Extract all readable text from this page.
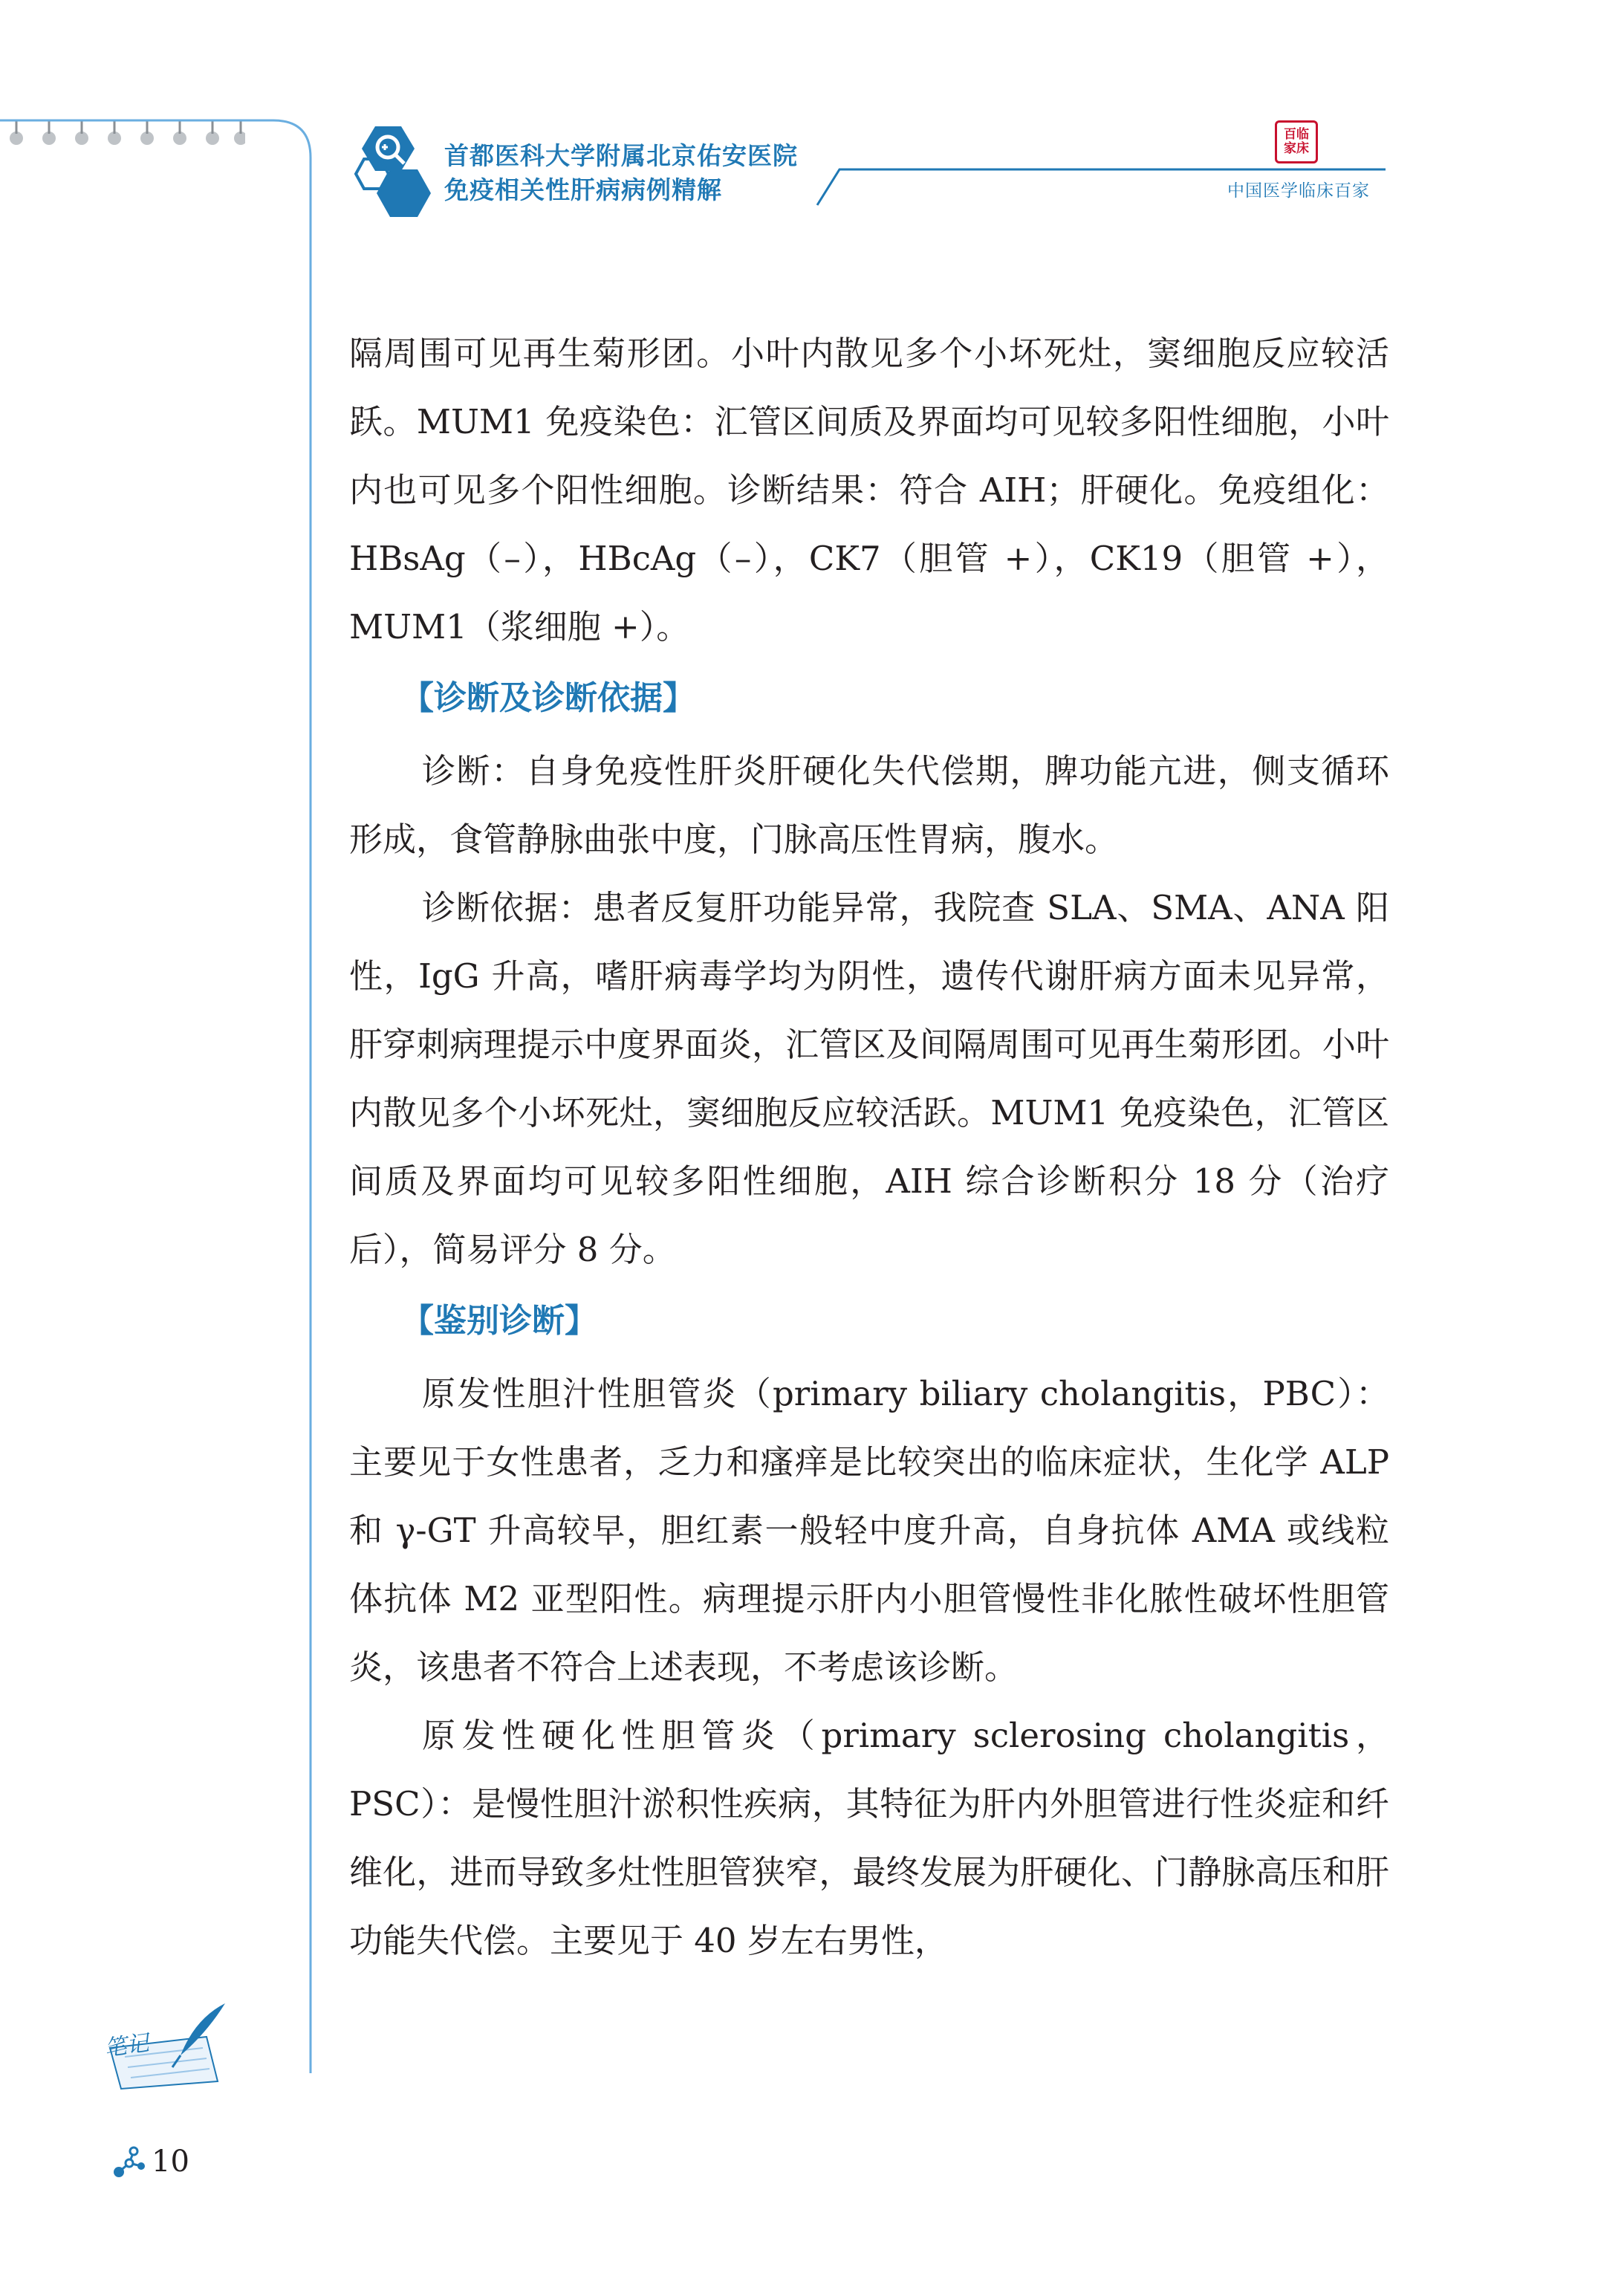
首都医科大学附属北京佑安医院
免疫相关性肝病病例精解
百临家床
中国医学临床百家

隔周围可见再生菊形团。小叶内散见多个小坏死灶，窦细胞反应较活跃。MUM1 免疫染色：汇管区间质及界面均可见较多阳性细胞，小叶内也可见多个阳性细胞。诊断结果：符合 AIH；肝硬化。免疫组化：HBsAg（–），HBcAg（–），CK7（胆管 +），CK19（胆管 +），MUM1（浆细胞 +）。

【诊断及诊断依据】

诊断：自身免疫性肝炎肝硬化失代偿期，脾功能亢进，侧支循环形成，食管静脉曲张中度，门脉高压性胃病，腹水。

诊断依据：患者反复肝功能异常，我院查 SLA、SMA、ANA 阳性，IgG 升高，嗜肝病毒学均为阴性，遗传代谢肝病方面未见异常，肝穿刺病理提示中度界面炎，汇管区及间隔周围可见再生菊形团。小叶内散见多个小坏死灶，窦细胞反应较活跃。MUM1 免疫染色，汇管区间质及界面均可见较多阳性细胞，AIH 综合诊断积分 18 分（治疗后），简易评分 8 分。

【鉴别诊断】

原发性胆汁性胆管炎（primary biliary cholangitis，PBC）：主要见于女性患者，乏力和瘙痒是比较突出的临床症状，生化学 ALP 和 γ-GT 升高较早，胆红素一般轻中度升高，自身抗体 AMA 或线粒体抗体 M2 亚型阳性。病理提示肝内小胆管慢性非化脓性破坏性胆管炎，该患者不符合上述表现，不考虑该诊断。

原发性硬化性胆管炎（primary sclerosing cholangitis，PSC）：是慢性胆汁淤积性疾病，其特征为肝内外胆管进行性炎症和纤维化，进而导致多灶性胆管狭窄，最终发展为肝硬化、门静脉高压和肝功能失代偿。主要见于 40 岁左右男性，

笔记
10
